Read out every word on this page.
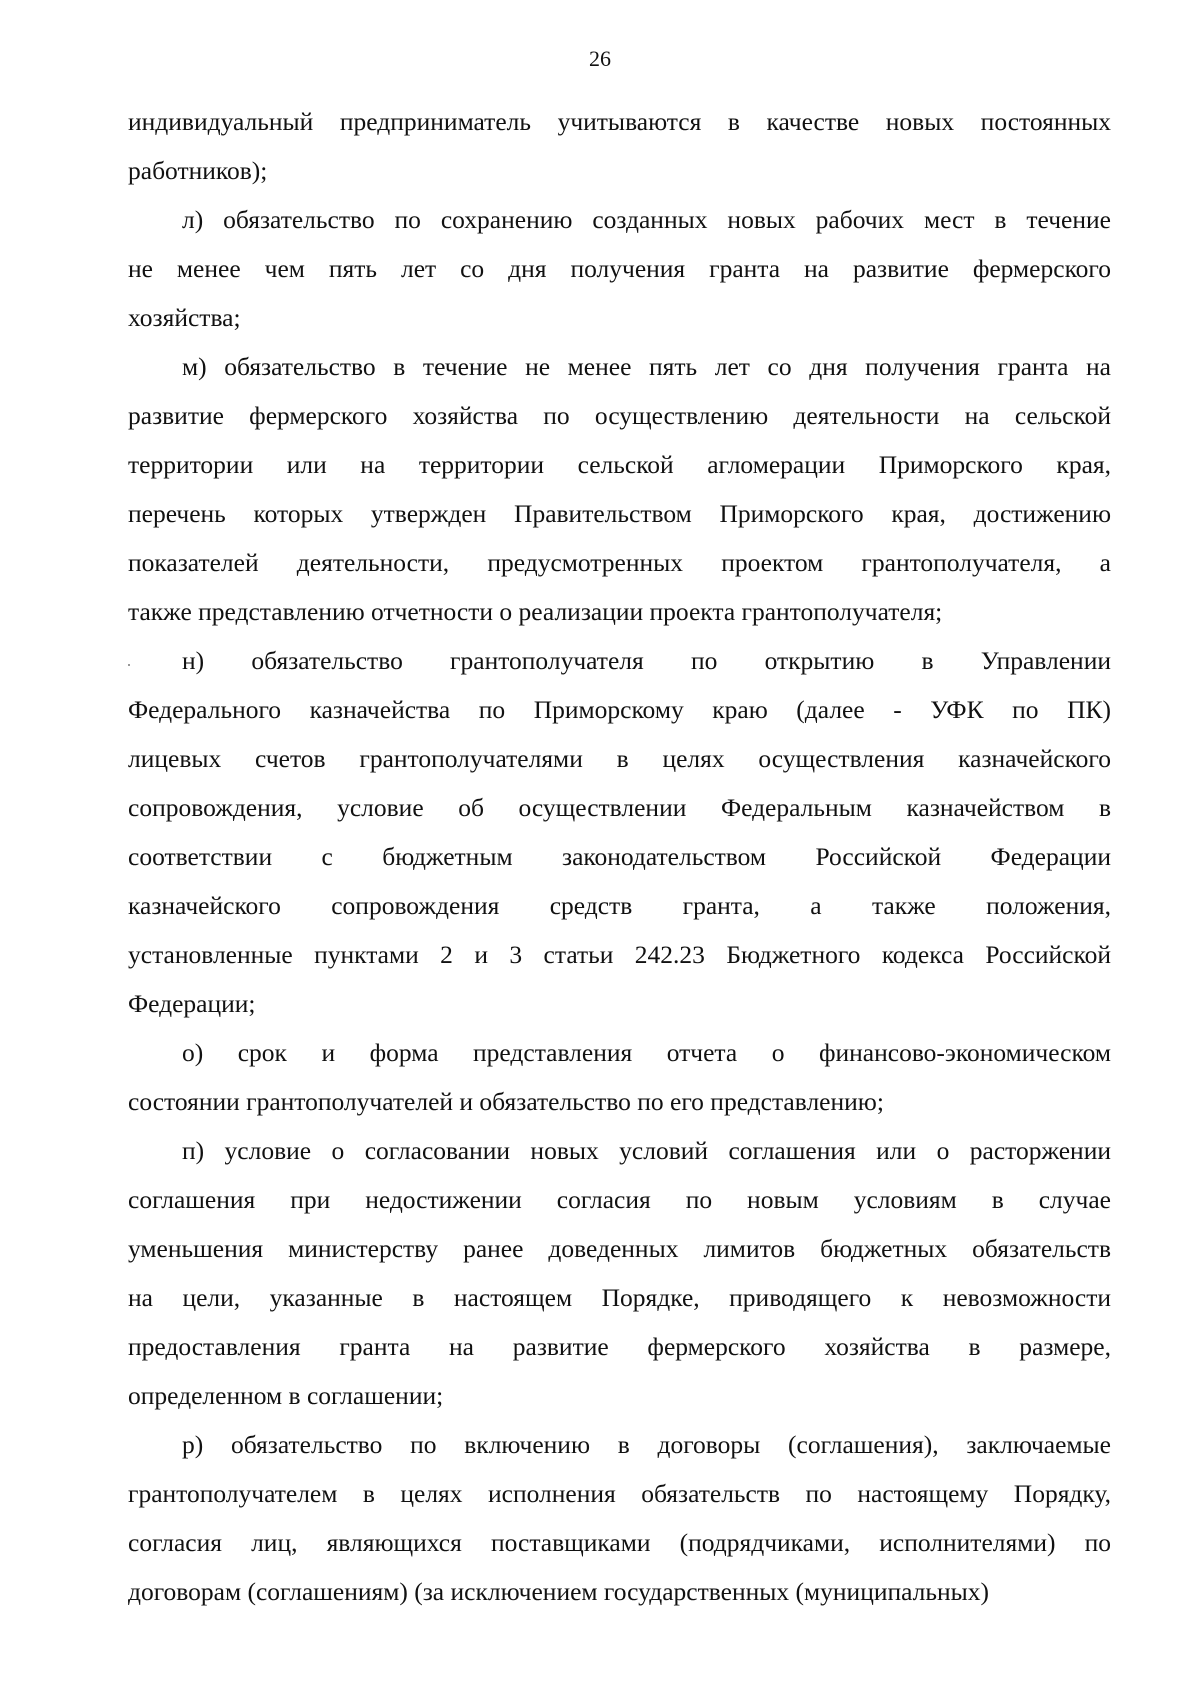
26
индивидуальный предприниматель учитываются в качестве новых постоянных
работников);
л) обязательство по сохранению созданных новых рабочих мест в течение
не менее чем пять лет со дня получения гранта на развитие фермерского
хозяйства;
м) обязательство в течение не менее пять лет со дня получения гранта на
развитие фермерского хозяйства по осуществлению деятельности на сельской
территории или на территории сельской агломерации Приморского края,
перечень которых утвержден Правительством Приморского края, достижению
показателей деятельности, предусмотренных проектом грантополучателя, а
также представлению отчетности о реализации проекта грантополучателя;
н) обязательство грантополучателя по открытию в Управлении
Федерального казначейства по Приморскому краю (далее - УФК по ПК)
лицевых счетов грантополучателями в целях осуществления казначейского
сопровождения, условие об осуществлении Федеральным казначейством в
соответствии с бюджетным законодательством Российской Федерации
казначейского сопровождения средств гранта, а также положения,
установленные пунктами 2 и 3 статьи 242.23 Бюджетного кодекса Российской
Федерации;
о) срок и форма представления отчета о финансово-экономическом
состоянии грантополучателей и обязательство по его представлению;
п) условие о согласовании новых условий соглашения или о расторжении
соглашения при недостижении согласия по новым условиям в случае
уменьшения министерству ранее доведенных лимитов бюджетных обязательств
на цели, указанные в настоящем Порядке, приводящего к невозможности
предоставления гранта на развитие фермерского хозяйства в размере,
определенном в соглашении;
р) обязательство по включению в договоры (соглашения), заключаемые
грантополучателем в целях исполнения обязательств по настоящему Порядку,
согласия лиц, являющихся поставщиками (подрядчиками, исполнителями) по
договорам (соглашениям) (за исключением государственных (муниципальных)
